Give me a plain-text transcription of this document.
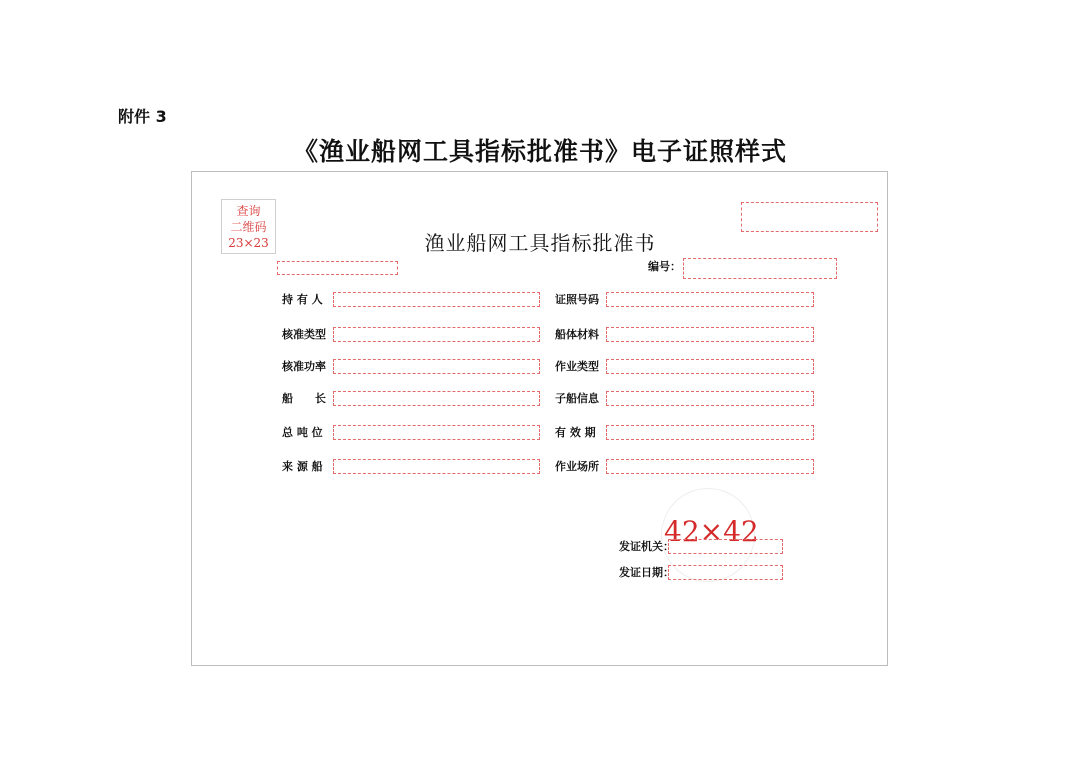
附件 3
《渔业船网工具指标批准书》电子证照样式
查询
二维码
23×23	渔业船网工具指标批准书
编号：
持 有 人
核准类型
核准功率
船 长
总 吨 位
来 源 船
证照号码
船体材料
作业类型
子船信息
有 效 期
作业场所
42×42
发证机关：
发证日期：
